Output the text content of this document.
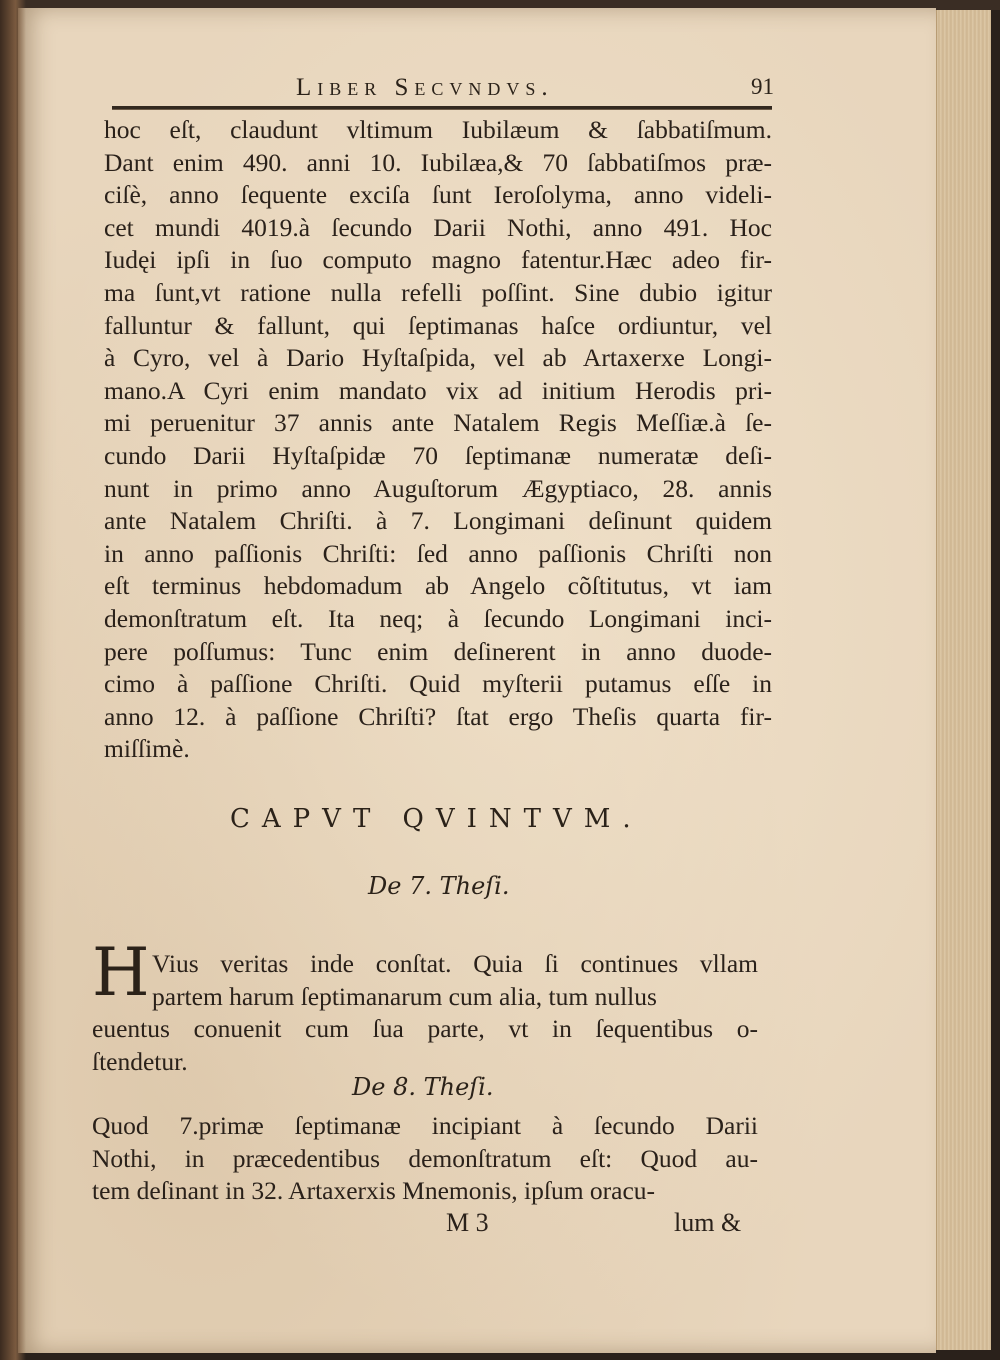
Liber Secvndvs.	91
hoc eſt, claudunt vltimum Iubilæum & ſabbatiſmum.
Dant enim 490. anni 10. Iubilæa,& 70 ſabbatiſmos præ-
ciſè, anno ſequente exciſa ſunt Ieroſolyma, anno videli-
cet mundi 4019.à ſecundo Darii Nothi, anno 491. Hoc
Iudęi ipſi in ſuo computo magno fatentur.Hæc adeo fir-
ma ſunt,vt ratione nulla refelli poſſint. Sine dubio igitur
falluntur & fallunt, qui ſeptimanas haſce ordiuntur, vel
à Cyro, vel à Dario Hyſtaſpida, vel ab Artaxerxe Longi-
mano.A Cyri enim mandato vix ad initium Herodis pri-
mi peruenitur 37 annis ante Natalem Regis Meſſiæ.à ſe-
cundo Darii Hyſtaſpidæ 70 ſeptimanæ numeratæ deſi-
nunt in primo anno Auguſtorum Ægyptiaco, 28. annis
ante Natalem Chriſti. à 7. Longimani deſinunt quidem
in anno paſſionis Chriſti: ſed anno paſſionis Chriſti non
eſt terminus hebdomadum ab Angelo cõſtitutus, vt iam
demonſtratum eſt. Ita neq; à ſecundo Longimani inci-
pere poſſumus: Tunc enim deſinerent in anno duode-
cimo à paſſione Chriſti. Quid myſterii putamus eſſe in
anno 12. à paſſione Chriſti? ſtat ergo Theſis quarta fir-
miſſimè.
CAPVT QVINTVM.
De 7. Theſi.
H Vius veritas inde conſtat. Quia ſi continues vllam
partem harum ſeptimanarum cum alia, tum nullus
euentus conuenit cum ſua parte, vt in ſequentibus o-
ſtendetur.
De 8. Theſi.
Quod 7.primæ ſeptimanæ incipiant à ſecundo Darii
Nothi, in præcedentibus demonſtratum eſt: Quod au-
tem deſinant in 32. Artaxerxis Mnemonis, ipſum oracu-
M 3	lum &
